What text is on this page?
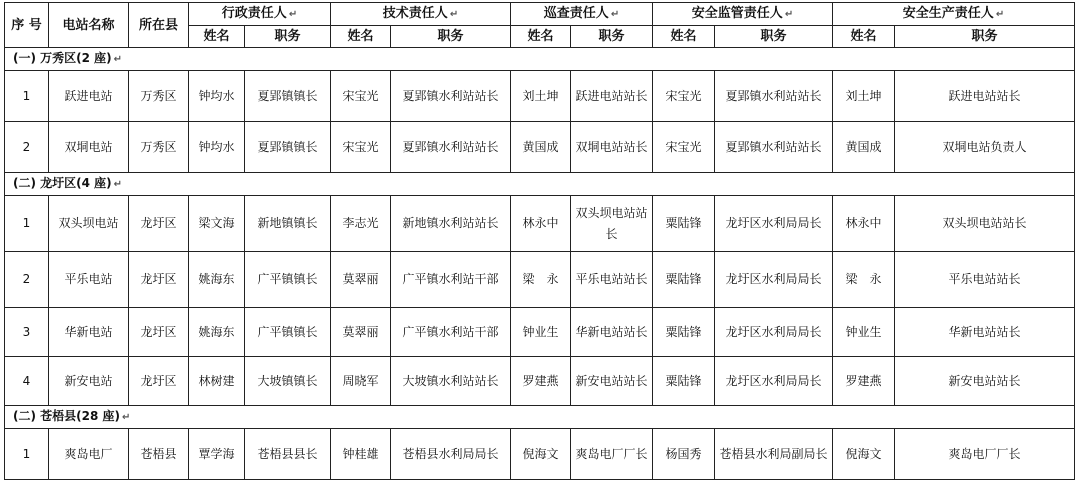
序 号	电站名称	所在县	行政责任人 ↵		技术责任人 ↵		巡查责任人 ↵		安全监管责任人 ↵		安全生产责任人 ↵	
			姓名	职务	姓名	职务	姓名	职务	姓名	职务	姓名	职务
(一) 万秀区(2 座) ↵												
1	跃进电站	万秀区	钟均水	夏郢镇镇长	宋宝光	夏郢镇水利站站长	刘土坤	跃进电站站长	宋宝光	夏郢镇水利站站长	刘土坤	跃进电站站长
2	双垌电站	万秀区	钟均水	夏郢镇镇长	宋宝光	夏郢镇水利站站长	黄国成	双垌电站站长	宋宝光	夏郢镇水利站站长	黄国成	双垌电站负责人
(二) 龙圩区(4 座) ↵												
1	双头坝电站	龙圩区	梁文海	新地镇镇长	李志光	新地镇水利站站长	林永中	双头坝电站站长	粟陆锋	龙圩区水利局局长	林永中	双头坝电站站长
2	平乐电站	龙圩区	姚海东	广平镇镇长	莫翠丽	广平镇水利站干部	梁　永	平乐电站站长	粟陆锋	龙圩区水利局局长	梁　永	平乐电站站长
3	华新电站	龙圩区	姚海东	广平镇镇长	莫翠丽	广平镇水利站干部	钟业生	华新电站站长	粟陆锋	龙圩区水利局局长	钟业生	华新电站站长
4	新安电站	龙圩区	林树建	大坡镇镇长	周晓军	大坡镇水利站站长	罗建燕	新安电站站长	粟陆锋	龙圩区水利局局长	罗建燕	新安电站站长
(二) 苍梧县(28 座) ↵												
1	爽岛电厂	苍梧县	覃学海	苍梧县县长	钟桂雄	苍梧县水利局局长	倪海文	爽岛电厂厂长	杨国秀	苍梧县水利局副局长	倪海文	爽岛电厂厂长
